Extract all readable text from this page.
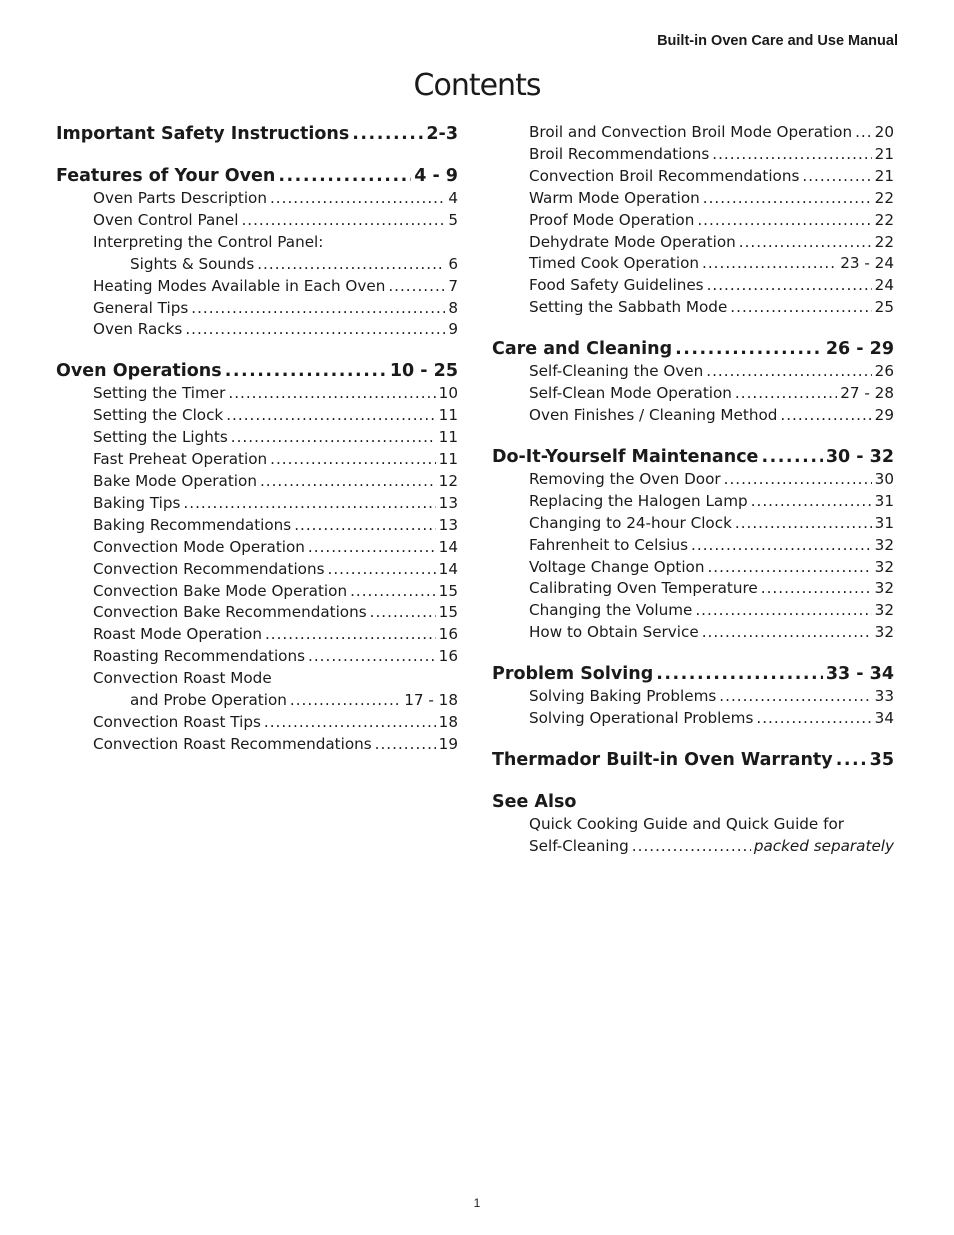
Built-in Oven Care and Use Manual
Contents
Important Safety Instructions .....	2-3
Features of Your Oven .....	4 - 9
Oven Parts Description .....	4
Oven Control Panel .....	5
Interpreting the Control Panel:
Sights & Sounds .....	6
Heating Modes Available in Each Oven .....	7
General Tips .....	8
Oven Racks .....	9
Oven Operations .....	10 - 25
Setting the Timer .....	10
Setting the Clock .....	11
Setting the Lights .....	11
Fast Preheat Operation .....	11
Bake Mode Operation .....	12
Baking Tips .....	13
Baking Recommendations .....	13
Convection Mode Operation .....	14
Convection Recommendations .....	14
Convection Bake Mode Operation .....	15
Convection Bake Recommendations .....	15
Roast Mode Operation .....	16
Roasting Recommendations .....	16
Convection Roast Mode
and Probe Operation .....	17 - 18
Convection Roast Tips .....	18
Convection Roast Recommendations .....	19
Broil and Convection Broil Mode Operation ..... 20
Broil Recommendations .....	21
Convection Broil Recommendations .....	21
Warm Mode Operation .....	22
Proof Mode Operation .....	22
Dehydrate Mode Operation .....	22
Timed Cook Operation .....	23 - 24
Food Safety Guidelines .....	24
Setting the Sabbath Mode .....	25
Care and Cleaning .....	26 - 29
Self-Cleaning the Oven .....	26
Self-Clean Mode Operation .....	27 - 28
Oven Finishes / Cleaning Method .....	29
Do-It-Yourself Maintenance .....	30 - 32
Removing the Oven Door .....	30
Replacing the Halogen Lamp .....	31
Changing to 24-hour Clock .....	31
Fahrenheit to Celsius .....	32
Voltage Change Option .....	32
Calibrating Oven Temperature .....	32
Changing the Volume .....	32
How to Obtain Service .....	32
Problem Solving .....	33 - 34
Solving Baking Problems .....	33
Solving Operational Problems .....	34
Thermador Built-in Oven Warranty ..... 35
See Also
Quick Cooking Guide and Quick Guide for
Self-Cleaning .....	packed separately
1
